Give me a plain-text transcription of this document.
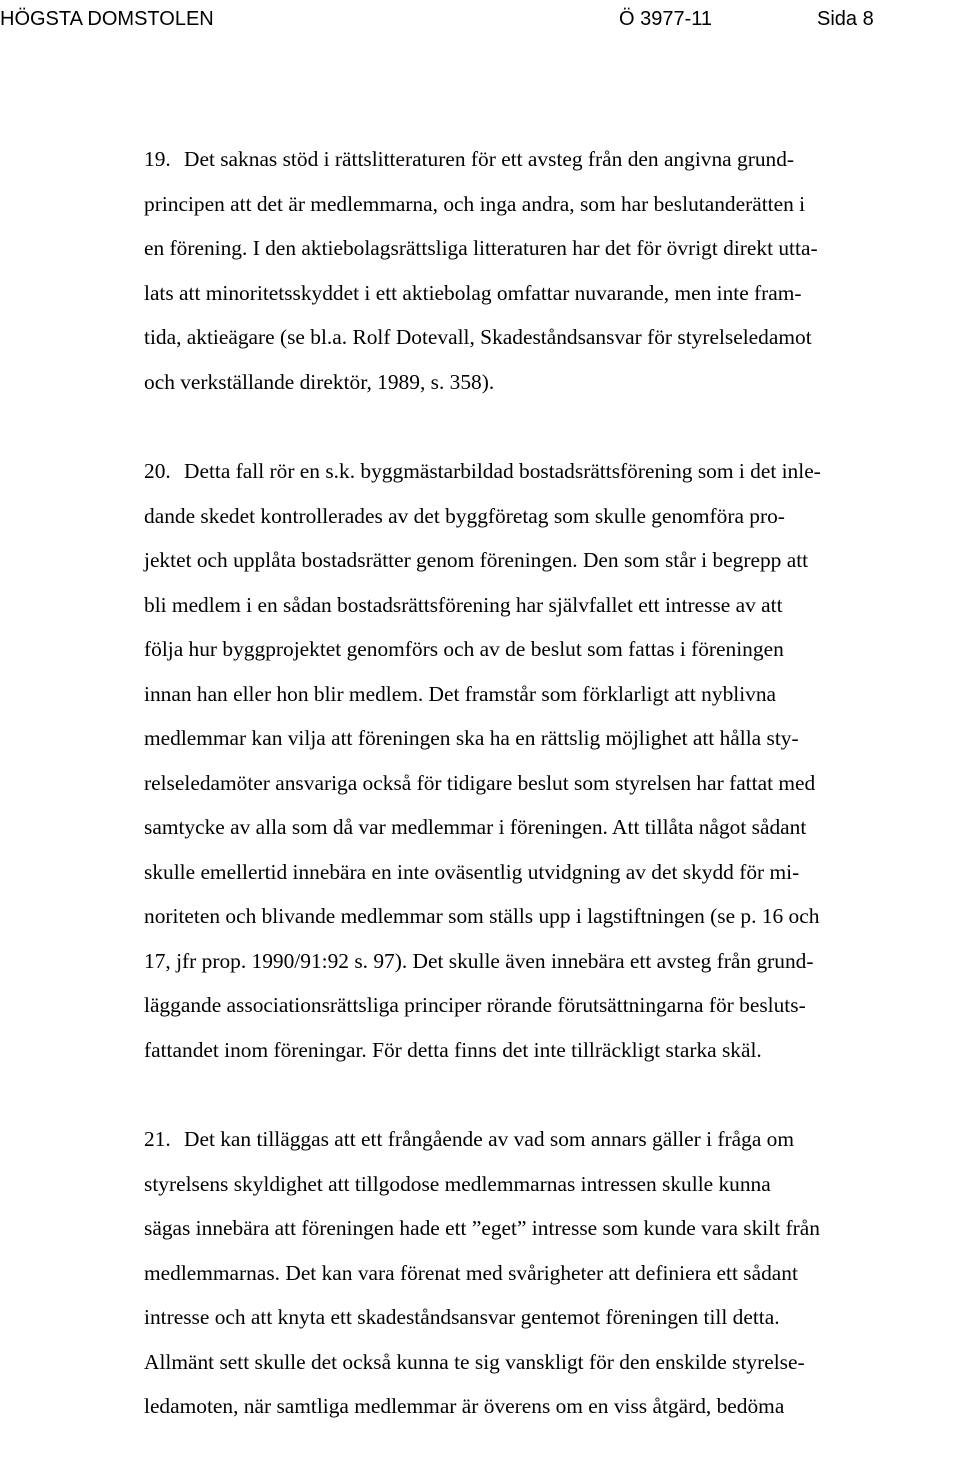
HÖGSTA DOMSTOLEN	Ö 3977-11	Sida 8
19. Det saknas stöd i rättslitteraturen för ett avsteg från den angivna grund-
principen att det är medlemmarna, och inga andra, som har beslutanderätten i
en förening. I den aktiebolagsrättsliga litteraturen har det för övrigt direkt utta-
lats att minoritetsskyddet i ett aktiebolag omfattar nuvarande, men inte fram-
tida, aktieägare (se bl.a. Rolf Dotevall, Skadeståndsansvar för styrelseledamot
och verkställande direktör, 1989, s. 358).
20. Detta fall rör en s.k. byggmästarbildad bostadsrättsförening som i det inle-
dande skedet kontrollerades av det byggföretag som skulle genomföra pro-
jektet och upplåta bostadsrätter genom föreningen. Den som står i begrepp att
bli medlem i en sådan bostadsrättsförening har självfallet ett intresse av att
följa hur byggprojektet genomförs och av de beslut som fattas i föreningen
innan han eller hon blir medlem. Det framstår som förklarligt att nyblivna
medlemmar kan vilja att föreningen ska ha en rättslig möjlighet att hålla sty-
relseledamöter ansvariga också för tidigare beslut som styrelsen har fattat med
samtycke av alla som då var medlemmar i föreningen. Att tillåta något sådant
skulle emellertid innebära en inte oväsentlig utvidgning av det skydd för mi-
noriteten och blivande medlemmar som ställs upp i lagstiftningen (se p. 16 och
17, jfr prop. 1990/91:92 s. 97). Det skulle även innebära ett avsteg från grund-
läggande associationsrättsliga principer rörande förutsättningarna för besluts-
fattandet inom föreningar. För detta finns det inte tillräckligt starka skäl.
21. Det kan tilläggas att ett frångående av vad som annars gäller i fråga om
styrelsens skyldighet att tillgodose medlemmarnas intressen skulle kunna
sägas innebära att föreningen hade ett ”eget” intresse som kunde vara skilt från
medlemmarnas. Det kan vara förenat med svårigheter att definiera ett sådant
intresse och att knyta ett skadeståndsansvar gentemot föreningen till detta.
Allmänt sett skulle det också kunna te sig vanskligt för den enskilde styrelse-
ledamoten, när samtliga medlemmar är överens om en viss åtgärd, bedöma
